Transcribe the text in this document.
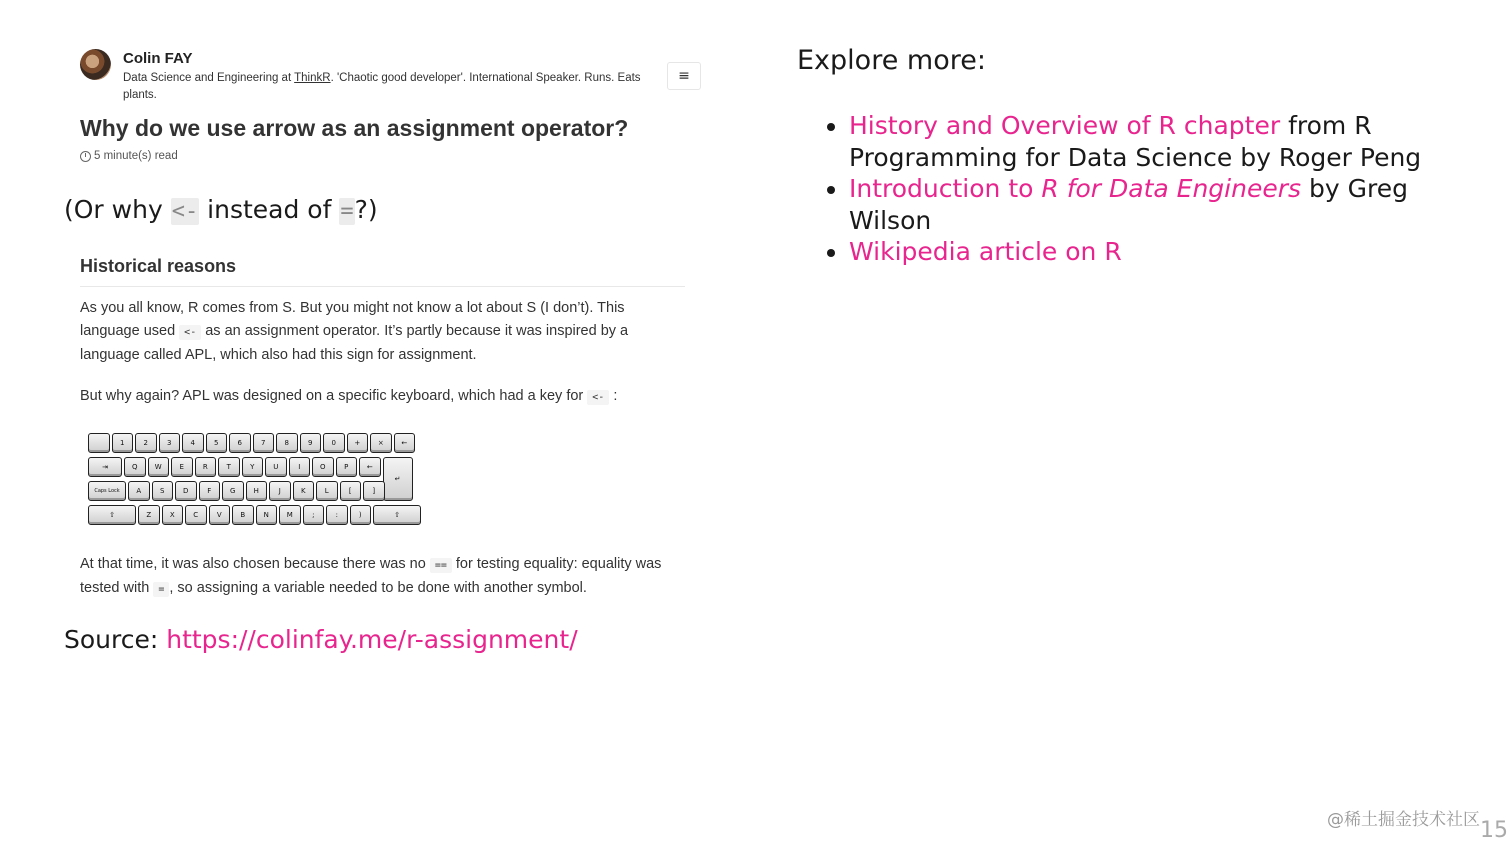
Colin FAY
Data Science and Engineering at ThinkR. 'Chaotic good developer'. International Speaker. Runs. Eats plants.
≡
Why do we use arrow as an assignment operator?
5 minute(s) read
Historical reasons

As you all know, R comes from S. But you might not know a lot about S (I don’t). This language used <- as an assignment operator. It’s partly because it was inspired by a language called APL, which also had this sign for assignment.

But why again? APL was designed on a specific keyboard, which had a key for <- :

1	2	3	4	5	6	7	8	9	0	+	×	←
⇥	Q	W	E	R	T	Y	U	I	O	P	←
↵
Caps Lock	A	S	D	F	G	H	J	K	L	[	]
⇧	Z	X	C	V	B	N	M	;	:	)	⇧

At that time, it was also chosen because there was no == for testing equality: equality was tested with = , so assigning a variable needed to be done with another symbol.

(Or why <- instead of =?)
Source: https://colinfay.me/r-assignment/
Explore more:
• History and Overview of R chapter from R Programming for Data Science by Roger Peng
• Introduction to R for Data Engineers by Greg Wilson
• Wikipedia article on R
@稀土掘金技术社区 15
